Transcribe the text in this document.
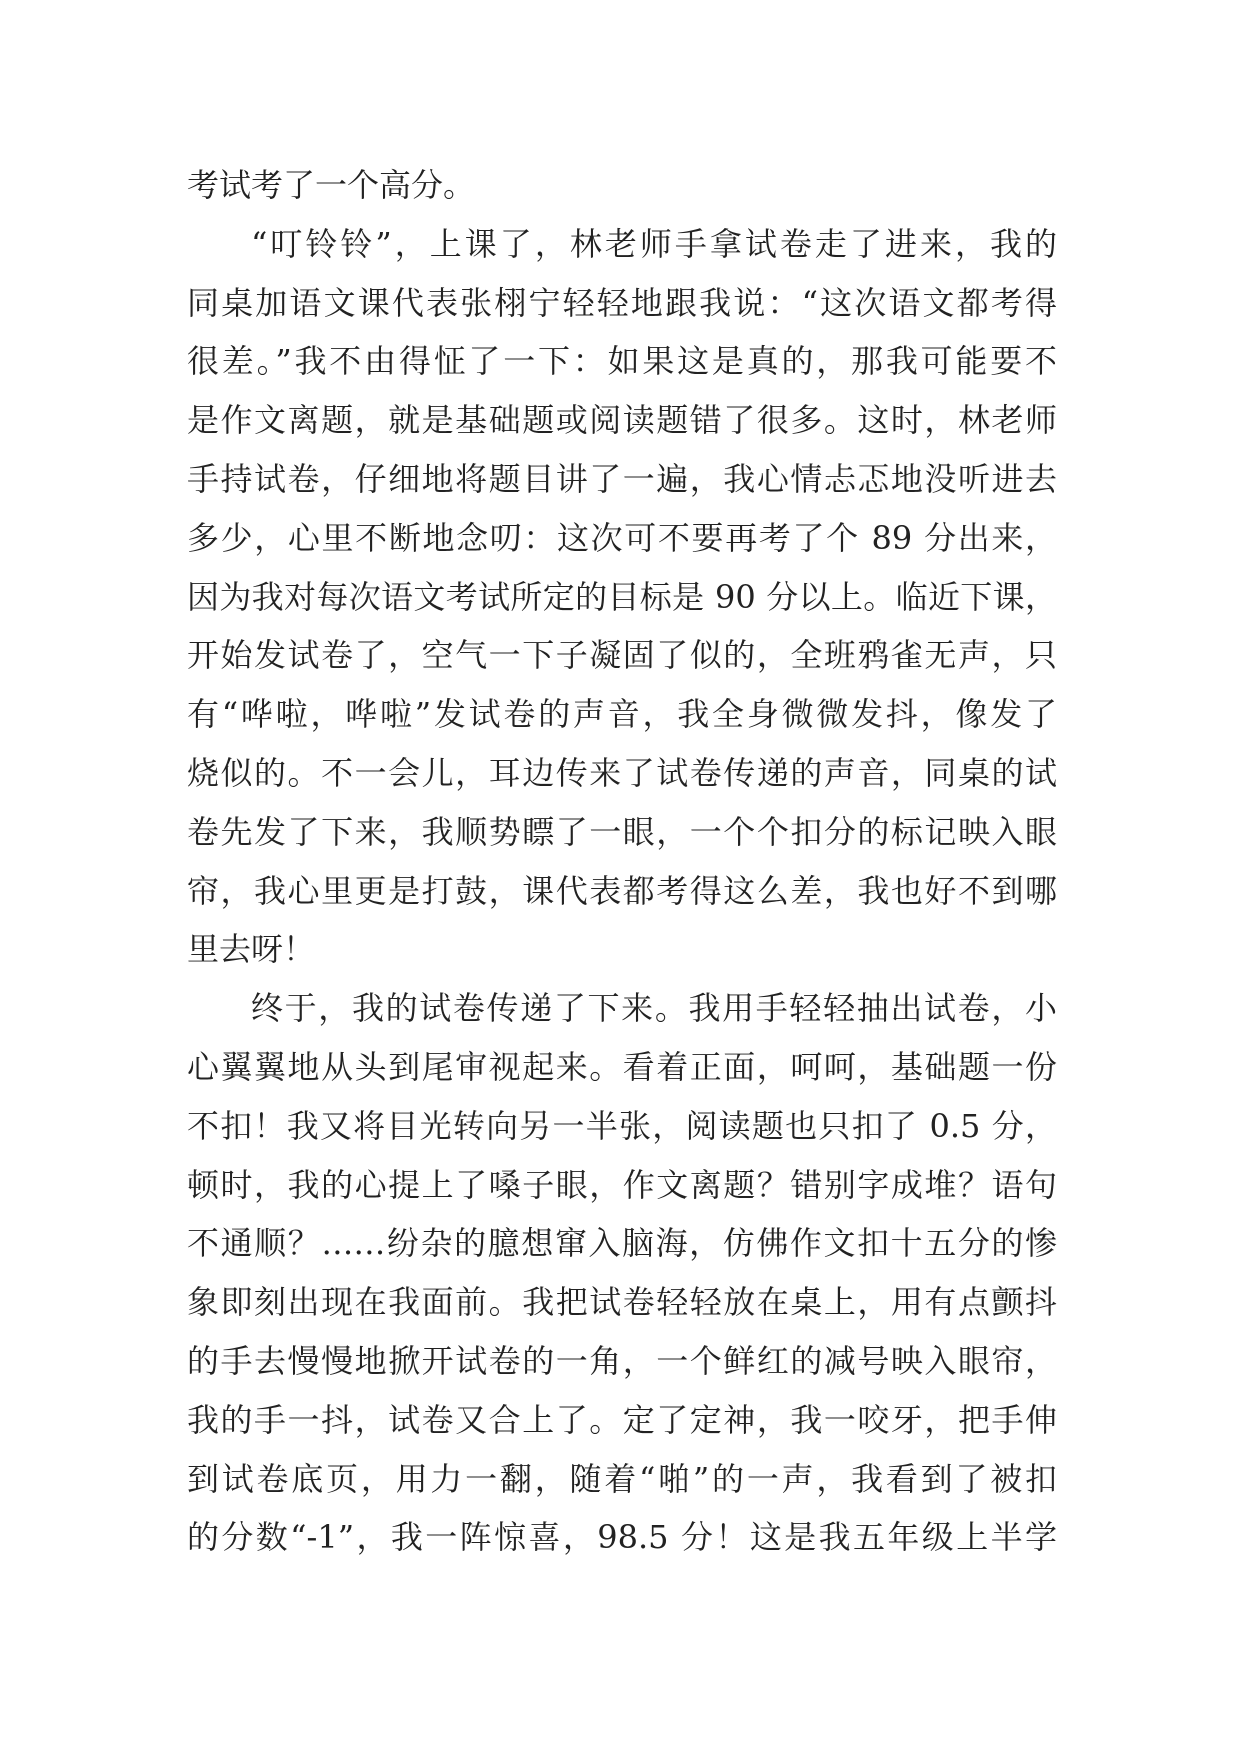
考试考了一个高分。
“叮铃铃”，上课了，林老师手拿试卷走了进来，我的
同桌加语文课代表张栩宁轻轻地跟我说：“这次语文都考得
很差。”我不由得怔了一下：如果这是真的，那我可能要不
是作文离题，就是基础题或阅读题错了很多。这时，林老师
手持试卷，仔细地将题目讲了一遍，我心情忐忑地没听进去
多少，心里不断地念叨：这次可不要再考了个 89 分出来，
因为我对每次语文考试所定的目标是 90 分以上。临近下课，
开始发试卷了，空气一下子凝固了似的，全班鸦雀无声，只
有“哗啦，哗啦”发试卷的声音，我全身微微发抖，像发了
烧似的。不一会儿，耳边传来了试卷传递的声音，同桌的试
卷先发了下来，我顺势瞟了一眼，一个个扣分的标记映入眼
帘，我心里更是打鼓，课代表都考得这么差，我也好不到哪
里去呀！
终于，我的试卷传递了下来。我用手轻轻抽出试卷，小
心翼翼地从头到尾审视起来。看着正面，呵呵，基础题一份
不扣！我又将目光转向另一半张，阅读题也只扣了 0.5 分，
顿时，我的心提上了嗓子眼，作文离题？错别字成堆？语句
不通顺？……纷杂的臆想窜入脑海，仿佛作文扣十五分的惨
象即刻出现在我面前。我把试卷轻轻放在桌上，用有点颤抖
的手去慢慢地掀开试卷的一角，一个鲜红的减号映入眼帘，
我的手一抖，试卷又合上了。定了定神，我一咬牙，把手伸
到试卷底页，用力一翻，随着“啪”的一声，我看到了被扣
的分数“-1”，我一阵惊喜，98.5 分！这是我五年级上半学
